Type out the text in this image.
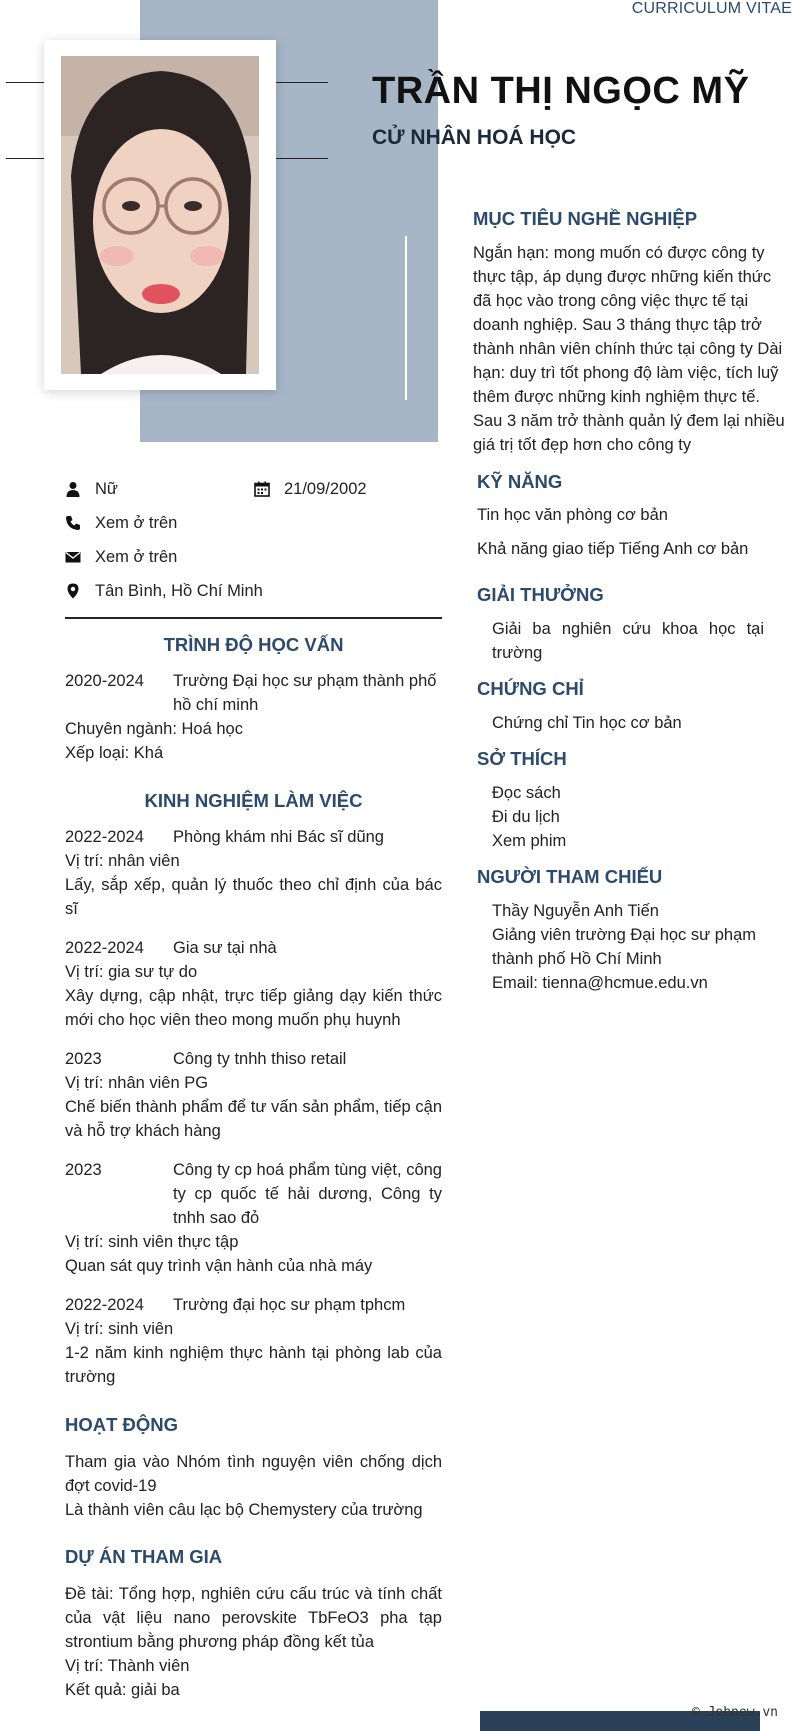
CURRICULUM VITAE
TRẦN THỊ NGỌC MỸ
CỬ NHÂN HOÁ HỌC
Nữ	21/09/2002
Xem ở trên
Xem ở trên
Tân Bình, Hồ Chí Minh
TRÌNH ĐỘ HỌC VẤN
2020-2024	Trường Đại học sư phạm thành phố hồ chí minh
Chuyên ngành: Hoá học
Xếp loại: Khá
KINH NGHIỆM LÀM VIỆC
2022-2024	Phòng khám nhi Bác sĩ dũng
Vị trí: nhân viên
Lấy, sắp xếp, quản lý thuốc theo chỉ định của bác sĩ
2022-2024	Gia sư tại nhà
Vị trí: gia sư tự do
Xây dựng, cập nhật, trực tiếp giảng dạy kiến thức mới cho học viên theo mong muốn phụ huynh
2023	Công ty tnhh thiso retail
Vị trí: nhân viên PG
Chế biến thành phẩm để tư vấn sản phẩm, tiếp cận và hỗ trợ khách hàng
2023	Công ty cp hoá phẩm tùng việt, công ty cp quốc tế hải dương, Công ty tnhh sao đỏ
Vị trí: sinh viên thực tập
Quan sát quy trình vận hành của nhà máy
2022-2024	Trường đại học sư phạm tphcm
Vị trí: sinh viên
1-2 năm kinh nghiệm thực hành tại phòng lab của trường
HOẠT ĐỘNG
Tham gia vào Nhóm tình nguyện viên chống dịch đợt covid-19
Là thành viên câu lạc bộ Chemystery của trường
DỰ ÁN THAM GIA
Đề tài: Tổng hợp, nghiên cứu cấu trúc và tính chất của vật liệu nano perovskite TbFeO3 pha tạp strontium bằng phương pháp đồng kết tủa
Vị trí: Thành viên
Kết quả: giải ba
MỤC TIÊU NGHỀ NGHIỆP
Ngắn hạn: mong muốn có được công ty thực tập, áp dụng được những kiến thức đã học vào trong công việc thực tế tại doanh nghiệp. Sau 3 tháng thực tập trở thành nhân viên chính thức tại công ty Dài hạn: duy trì tốt phong độ làm việc, tích luỹ thêm được những kinh nghiệm thực tế. Sau 3 năm trở thành quản lý đem lại nhiều giá trị tốt đẹp hơn cho công ty
KỸ NĂNG
Tin học văn phòng cơ bản
Khả năng giao tiếp Tiếng Anh cơ bản
GIẢI THƯỞNG
Giải ba nghiên cứu khoa học tại trường
CHỨNG CHỈ
Chứng chỉ Tin học cơ bản
SỞ THÍCH
Đọc sách
Đi du lịch
Xem phim
NGƯỜI THAM CHIẾU
Thầy Nguyễn Anh Tiến
Giảng viên trường Đại học sư phạm thành phố Hồ Chí Minh
Email: tienna@hcmue.edu.vn
© Jobnew.vn
